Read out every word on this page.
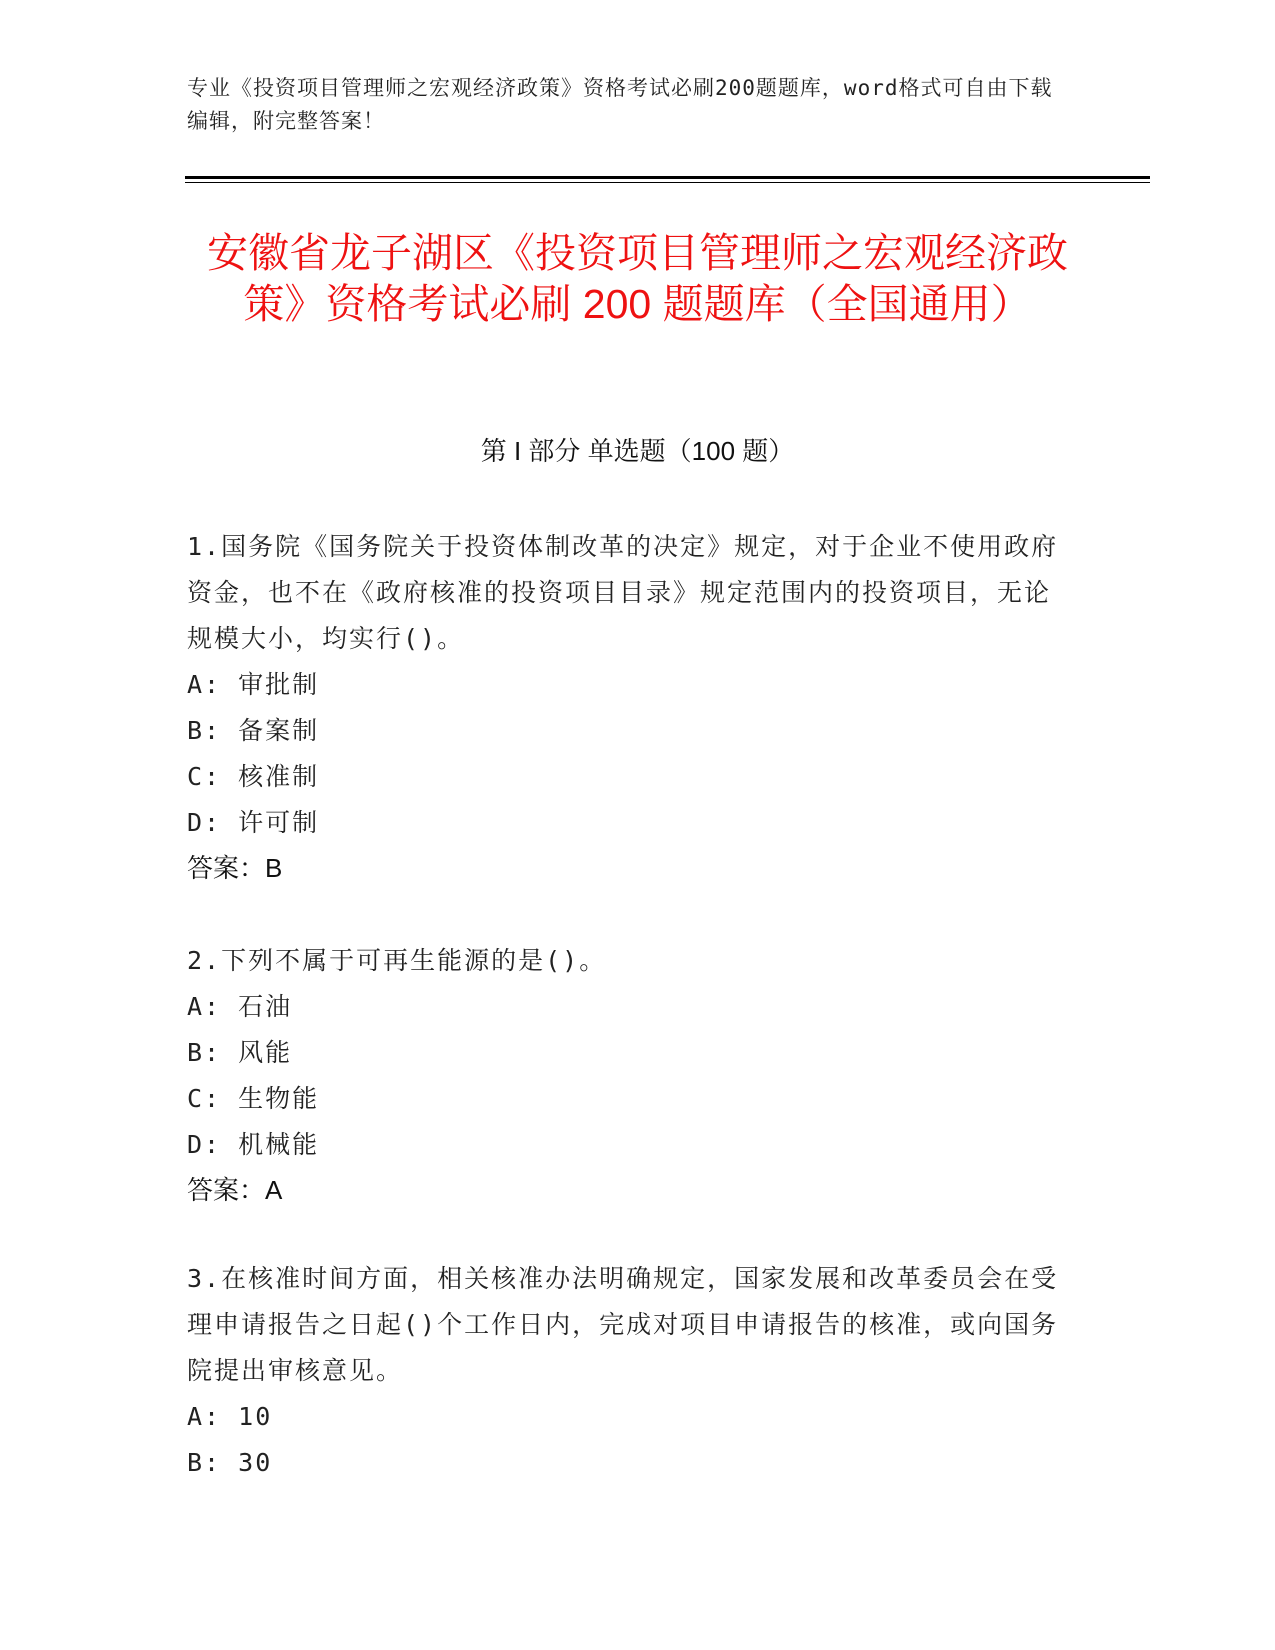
专业《投资项目管理师之宏观经济政策》资格考试必刷200题题库，word格式可自由下载编辑，附完整答案！
安徽省龙子湖区《投资项目管理师之宏观经济政策》资格考试必刷 200 题题库（全国通用）
第 I 部分 单选题（100 题）
1.国务院《国务院关于投资体制改革的决定》规定，对于企业不使用政府资金，也不在《政府核准的投资项目目录》规定范围内的投资项目，无论规模大小，均实行()。
A: 审批制
B: 备案制
C: 核准制
D: 许可制
答案：B
2.下列不属于可再生能源的是()。
A: 石油
B: 风能
C: 生物能
D: 机械能
答案：A
3.在核准时间方面，相关核准办法明确规定，国家发展和改革委员会在受理申请报告之日起()个工作日内，完成对项目申请报告的核准，或向国务院提出审核意见。
A: 10
B: 30
